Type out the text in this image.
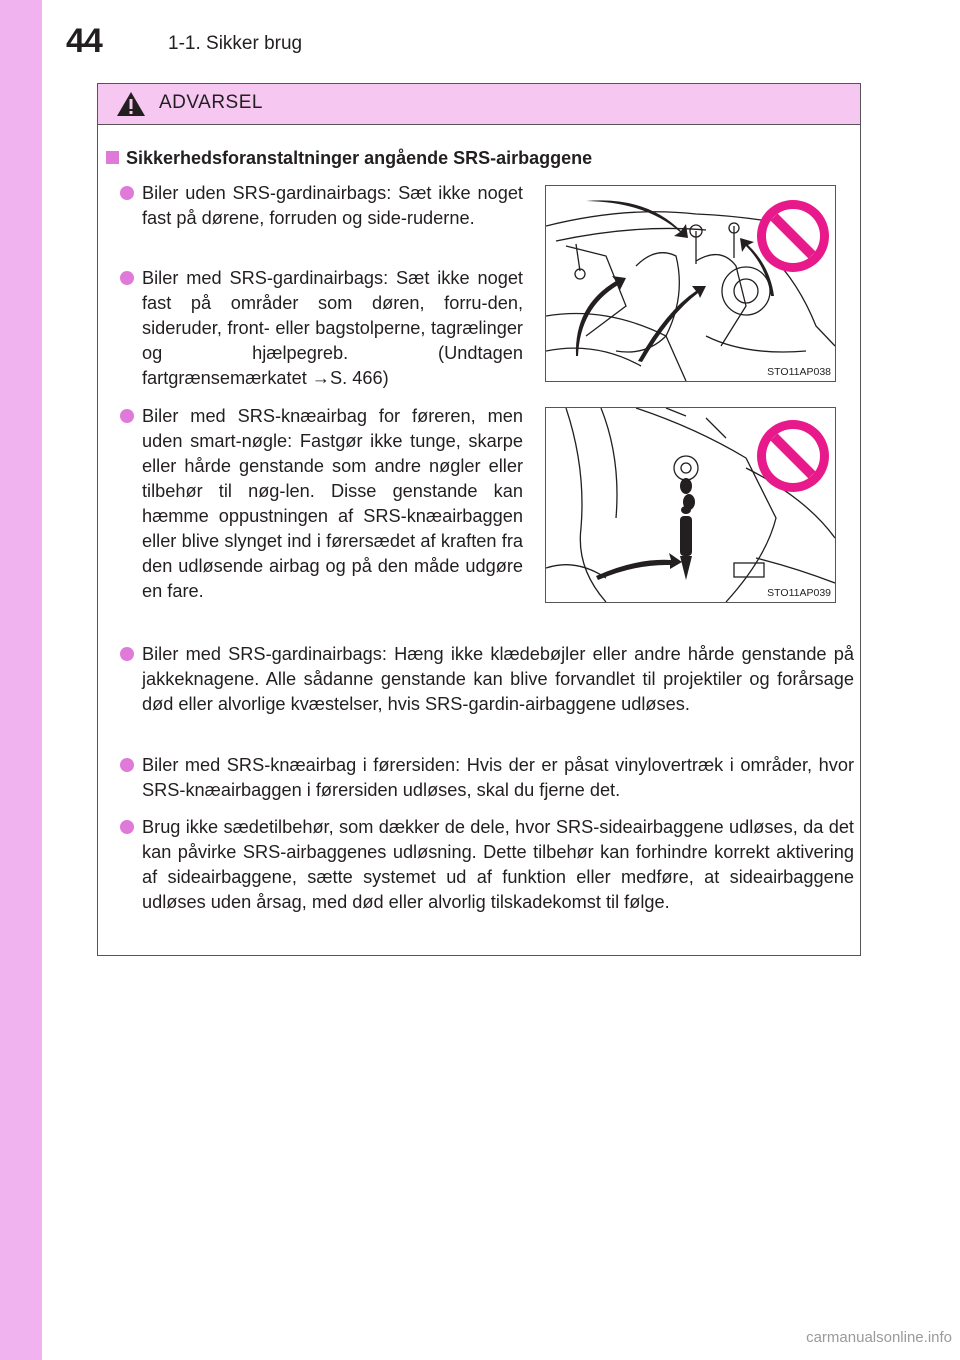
44	1-1. Sikker brug
ADVARSEL
Sikkerhedsforanstaltninger angående SRS-airbaggene
Biler uden SRS-gardinairbags: Sæt ikke noget fast på dørene, forruden og side-ruderne.
Biler med SRS-gardinairbags: Sæt ikke noget fast på områder som døren, forru-den, sideruder, front- eller bagstolperne, tagrælinger og hjælpegreb. (Undtagen fartgrænsemærkatet →S. 466)
Biler med SRS-knæairbag for føreren, men uden smart-nøgle: Fastgør ikke tunge, skarpe eller hårde genstande som andre nøgler eller tilbehør til nøg-len. Disse genstande kan hæmme oppustningen af SRS-knæairbaggen eller blive slynget ind i førersædet af kraften fra den udløsende airbag og på den måde udgøre en fare.
Biler med SRS-gardinairbags: Hæng ikke klædebøjler eller andre hårde genstande på jakkeknagene. Alle sådanne genstande kan blive forvandlet til projektiler og forårsage død eller alvorlige kvæstelser, hvis SRS-gardin-airbaggene udløses.
Biler med SRS-knæairbag i førersiden: Hvis der er påsat vinylovertræk i områder, hvor SRS-knæairbaggen i førersiden udløses, skal du fjerne det.
Brug ikke sædetilbehør, som dækker de dele, hvor SRS-sideairbaggene udløses, da det kan påvirke SRS-airbaggenes udløsning. Dette tilbehør kan forhindre korrekt aktivering af sideairbaggene, sætte systemet ud af funktion eller medføre, at sideairbaggene udløses uden årsag, med død eller alvorlig tilskadekomst til følge.
STO11AP038
STO11AP039
carmanualsonline.info
